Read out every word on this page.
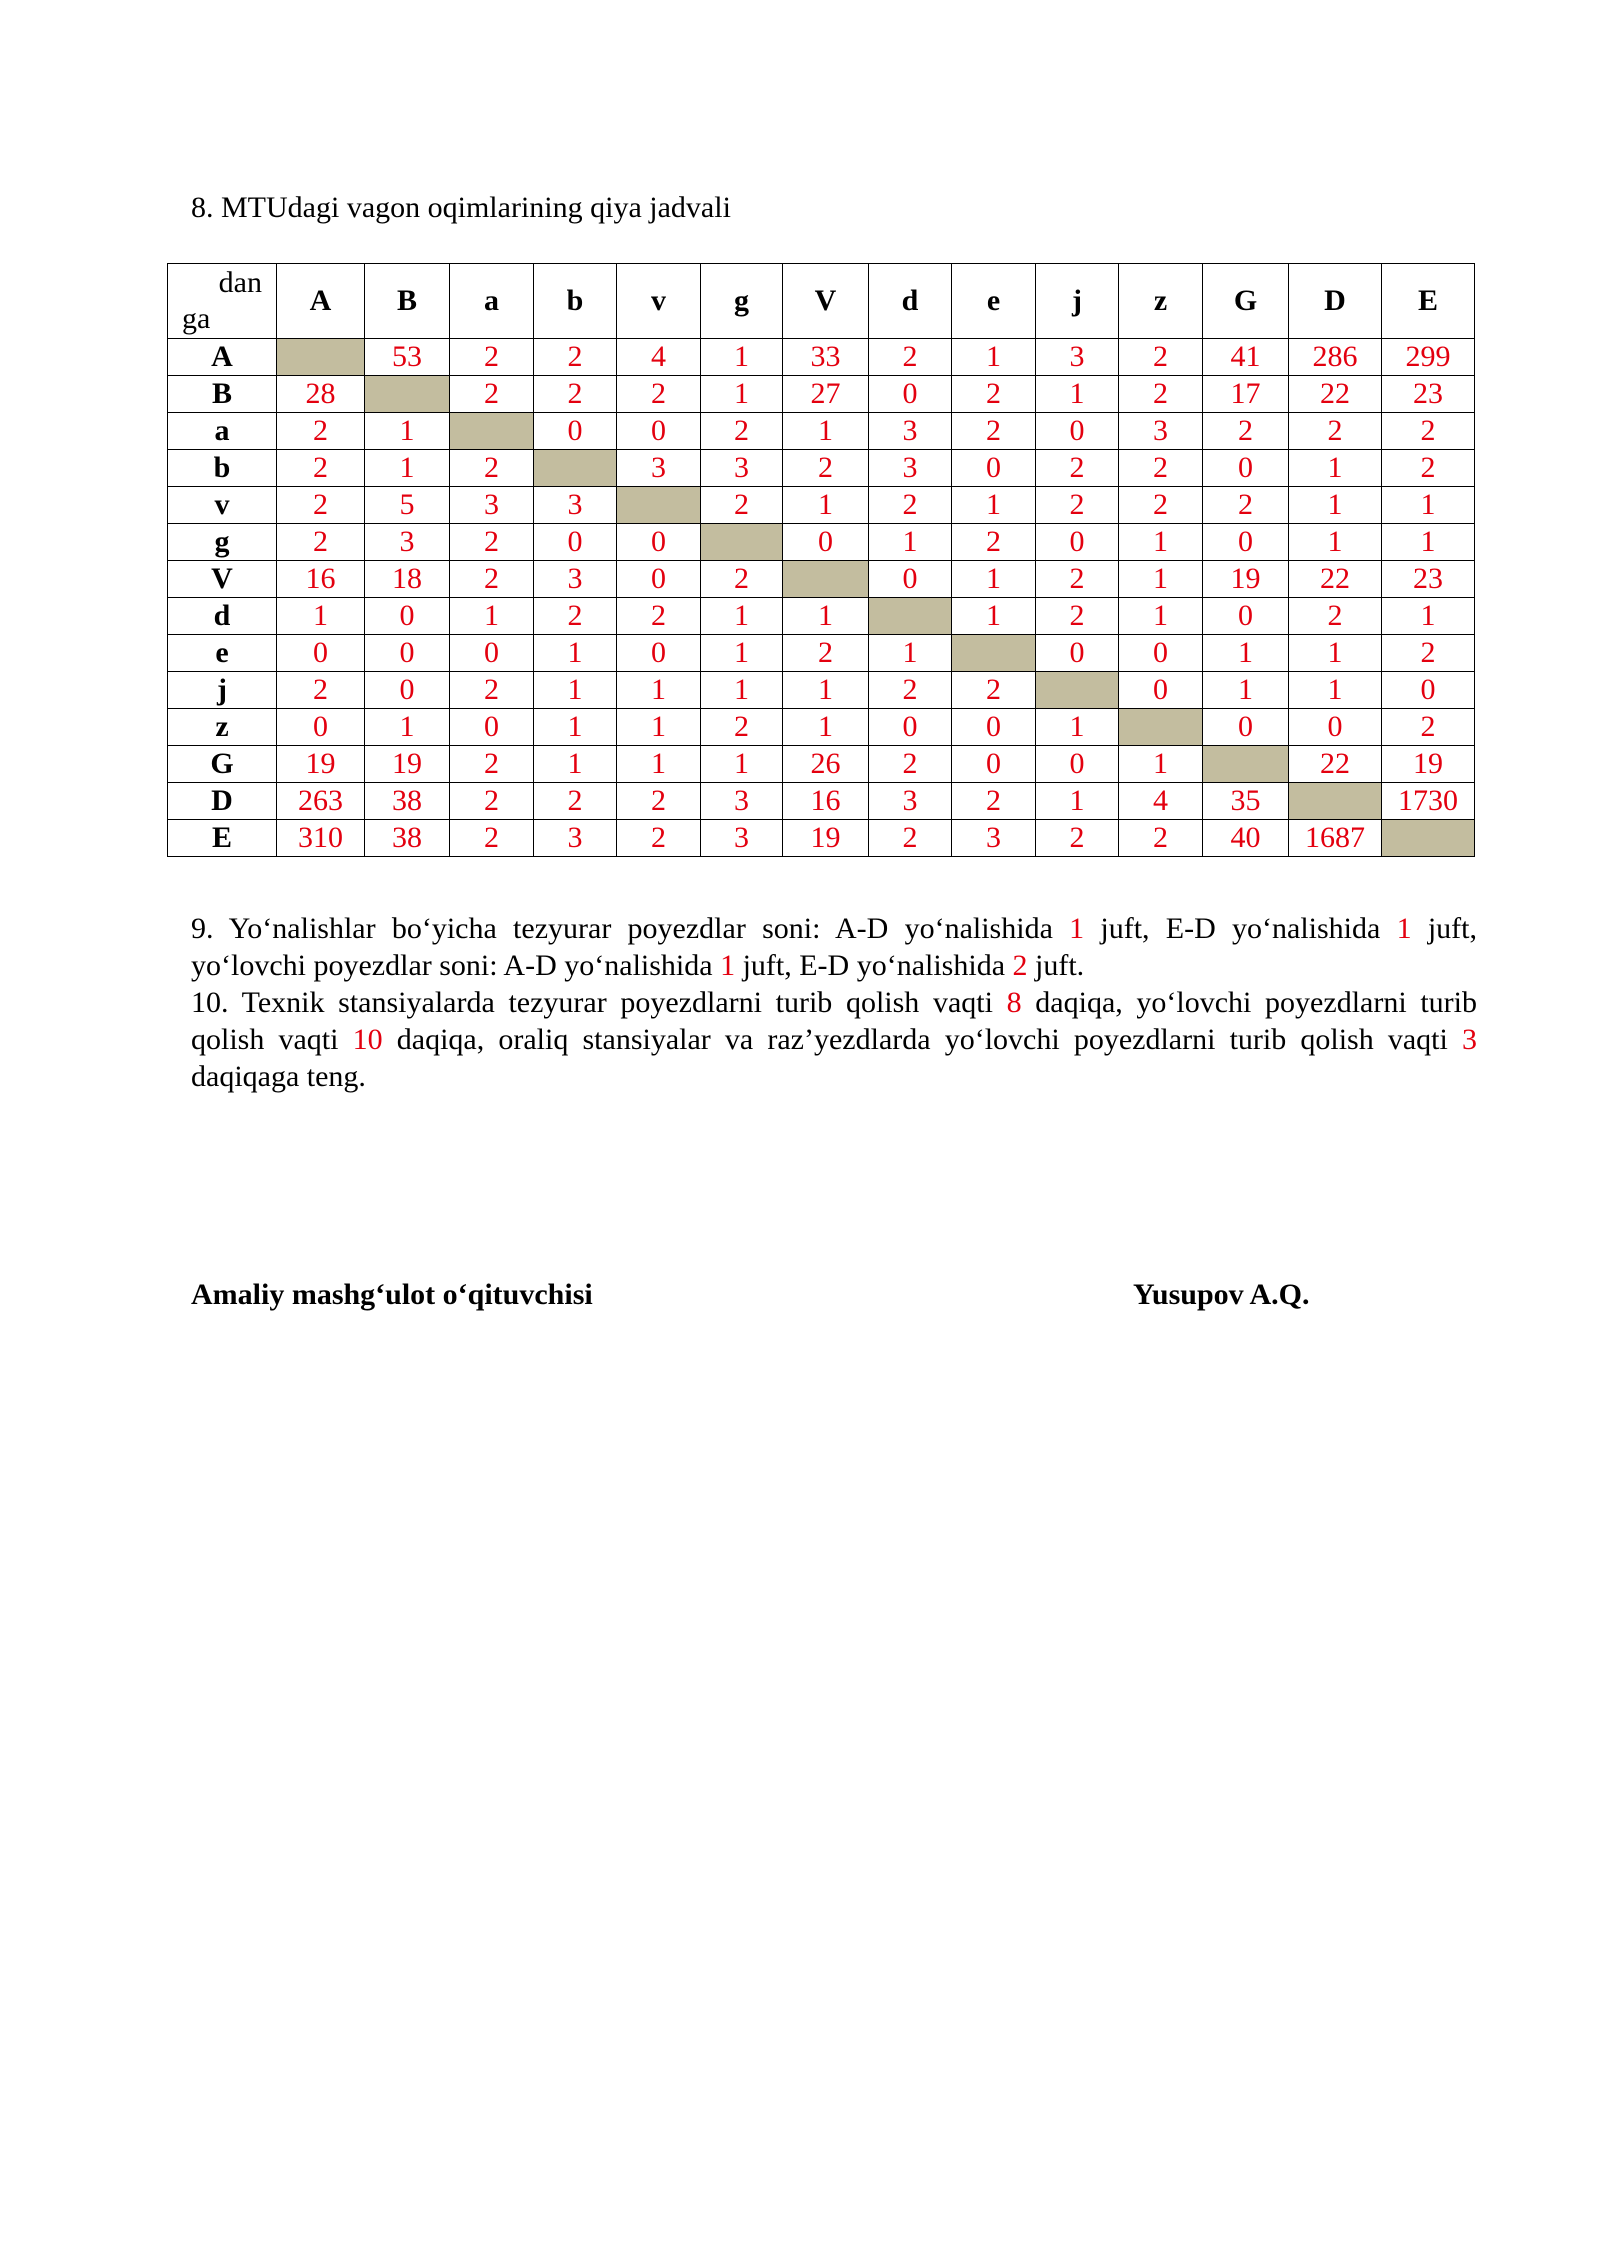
8. MTUdagi vagon oqimlarining qiya jadvali
dan
ga	A	B	a	b	v	g	V	d	e	j	z	G	D	E
A		53	2	2	4	1	33	2	1	3	2	41	286	299
B	28		2	2	2	1	27	0	2	1	2	17	22	23
a	2	1		0	0	2	1	3	2	0	3	2	2	2
b	2	1	2		3	3	2	3	0	2	2	0	1	2
v	2	5	3	3		2	1	2	1	2	2	2	1	1
g	2	3	2	0	0		0	1	2	0	1	0	1	1
V	16	18	2	3	0	2		0	1	2	1	19	22	23
d	1	0	1	2	2	1	1		1	2	1	0	2	1
e	0	0	0	1	0	1	2	1		0	0	1	1	2
j	2	0	2	1	1	1	1	2	2		0	1	1	0
z	0	1	0	1	1	2	1	0	0	1		0	0	2
G	19	19	2	1	1	1	26	2	0	0	1		22	19
D	263	38	2	2	2	3	16	3	2	1	4	35		1730
E	310	38	2	3	2	3	19	2	3	2	2	40	1687	

9. Yo‘nalishlar bo‘yicha tezyurar poyezdlar soni: A-D yo‘nalishida 1 juft, E-D yo‘nalishida 1 juft, yo‘lovchi poyezdlar soni: A-D yo‘nalishida 1 juft, E-D yo‘nalishida 2 juft.

10. Texnik stansiyalarda tezyurar poyezdlarni turib qolish vaqti 8 daqiqa, yo‘lovchi poyezdlarni turib qolish vaqti 10 daqiqa, oraliq stansiyalar va raz’yezdlarda yo‘lovchi poyezdlarni turib qolish vaqti 3 daqiqaga teng.

Amaliy mashg‘ulot o‘qituvchisi	Yusupov A.Q.
